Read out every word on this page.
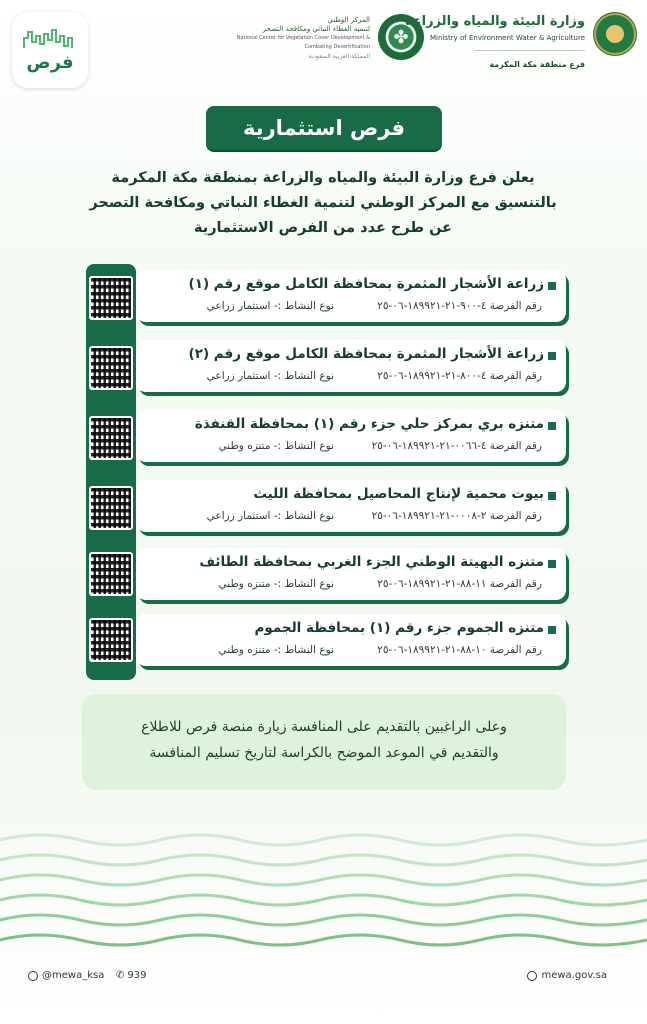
فرص
المركز الوطني
لتنمية الغطاء النباتي ومكافحة التصحر
National Center for Vegetation Cover Development & Combating Desertification
المملكة العربية السعودية
✤
وزارة البيئة والمياه والزراعة
Ministry of Environment Water & Agriculture
فرع منطقة مكة المكرمة
فرص استثمارية
يعلن فرع وزارة البيئة والمياه والزراعة بمنطقة مكة المكرمة
بالتنسيق مع المركز الوطني لتنمية الغطاء النباتي ومكافحة التصحر
عن طرح عدد من الفرص الاستثمارية
زراعة الأشجار المثمرة بمحافظة الكامل موقع رقم (١)
رقم الفرصة ٤-٩٠٠-٢١-١٨٩٩٢١-٠٦-٢٥
نوع النشاط :- استثمار زراعي
زراعة الأشجار المثمرة بمحافظة الكامل موقع رقم (٢)
رقم الفرصة ٤-٨٠٠-٢١-١٨٩٩٢١-٠٦-٢٥
نوع النشاط :- استثمار زراعي
متنزه بري بمركز حلي جزء رقم (١) بمحافظة القنفذة
رقم الفرصة ٤-٠٠٦٦-٢١-١٨٩٩٢١-٠٦-٢٥
نوع النشاط :- متنزه وطني
بيوت محمية لإنتاج المحاصيل بمحافظة الليث
رقم الفرصة ٢-٠٠٠٨-٢١-١٨٩٩٢١-٠٦-٢٥
نوع النشاط :- استثمار زراعي
متنزه البهيتة الوطني الجزء الغربي بمحافظة الطائف
رقم الفرصة ١١-٨٨-٢١-١٨٩٩٢١-٠٦-٢٥
نوع النشاط :- متنزه وطني
متنزه الجموم جزء رقم (١) بمحافظة الجموم
رقم الفرصة ١٠-٨٨-٢١-١٨٩٩٢١-٠٦-٢٥
نوع النشاط :- متنزه وطني
وعلى الراغبين بالتقديم على المنافسة زيارة منصة فرص للاطلاع
والتقديم في الموعد الموضح بالكراسة لتاريخ تسليم المنافسة
@mewa_ksa ✆ 939	mewa.gov.sa
